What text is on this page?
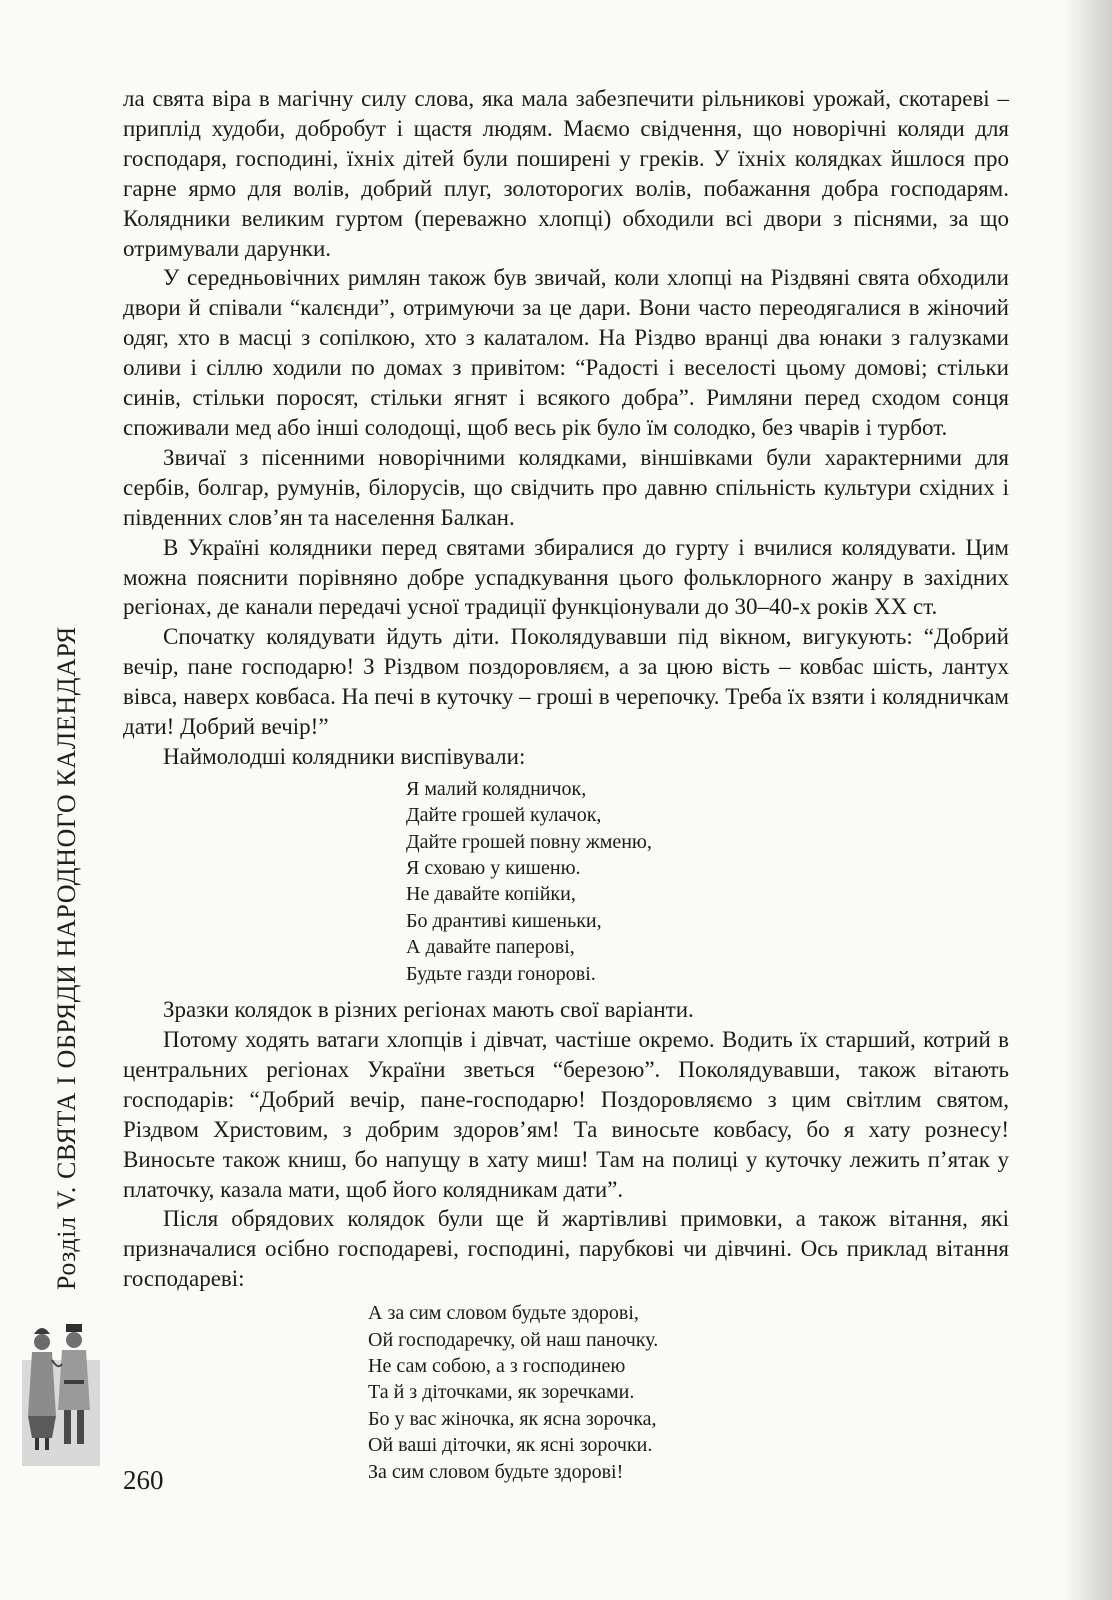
ла свята віра в магічну силу слова, яка мала забезпечити рільникові урожай, скотареві – приплід худоби, добробут і щастя людям. Маємо свідчення, що новорічні коляди для господаря, господині, їхніх дітей були поширені у греків. У їхніх колядках йшлося про гарне ярмо для волів, добрий плуг, золоторогих волів, побажання добра господарям. Колядники великим гуртом (переважно хлопці) обходили всі двори з піснями, за що отримували дарунки.

У середньовічних римлян також був звичай, коли хлопці на Різдвяні свята обходили двори й співали “калєнди”, отримуючи за це дари. Вони часто переодягалися в жіночий одяг, хто в масці з сопілкою, хто з калаталом. На Різдво вранці два юнаки з галузками оливи і сіллю ходили по домах з привітом: “Радості і веселості цьому домові; стільки синів, стільки поросят, стільки ягнят і всякого добра”. Римляни перед сходом сонця споживали мед або інші солодощі, щоб весь рік було їм солодко, без чварів і турбот.

Звичаї з пісенними новорічними колядками, віншівками були характерними для сербів, болгар, румунів, білорусів, що свідчить про давню спільність культури східних і південних слов’ян та населення Балкан.

В Україні колядники перед святами збиралися до гурту і вчилися колядувати. Цим можна пояснити порівняно добре успадкування цього фольклорного жанру в західних регіонах, де канали передачі усної традиції функціонували до 30–40-х років XX ст.

Спочатку колядувати йдуть діти. Поколядувавши під вікном, вигукують: “Добрий вечір, пане господарю! З Різдвом поздоровляєм, а за цюю вість – ковбас шість, лантух вівса, наверх ковбаса. На печі в куточку – гроші в черепочку. Треба їх взяти і колядничкам дати! Добрий вечір!”

Наймолодші колядники виспівували:

Я малий колядничок,
Дайте грошей кулачок,
Дайте грошей повну жменю,
Я сховаю у кишеню.
Не давайте копійки,
Бо дрантиві кишеньки,
А давайте паперові,
Будьте газди гонорові.

Зразки колядок в різних регіонах мають свої варіанти.

Потому ходять ватаги хлопців і дівчат, частіше окремо. Водить їх старший, котрий в центральних регіонах України зветься “березою”. Поколядувавши, також вітають господарів: “Добрий вечір, пане-господарю! Поздоровляємо з цим світлим святом, Різдвом Христовим, з добрим здоров’ям! Та виносьте ковбасу, бо я хату рознесу! Виносьте також книш, бо напущу в хату миш! Там на полиці у куточку лежить п’ятак у платочку, казала мати, щоб його колядникам дати”.

Після обрядових колядок були ще й жартівливі примовки, а також вітання, які призначалися осібно господареві, господині, парубкові чи дівчині. Ось приклад вітання господареві:

А за сим словом будьте здорові,
Ой господаречку, ой наш паночку.
Не сам собою, а з господинею
Та й з діточками, як зоречками.
Бо у вас жіночка, як ясна зорочка,
Ой ваші діточки, як ясні зорочки.
За сим словом будьте здорові!
Розділ V. СВЯТА І ОБРЯДИ НАРОДНОГО КАЛЕНДАРЯ
260
